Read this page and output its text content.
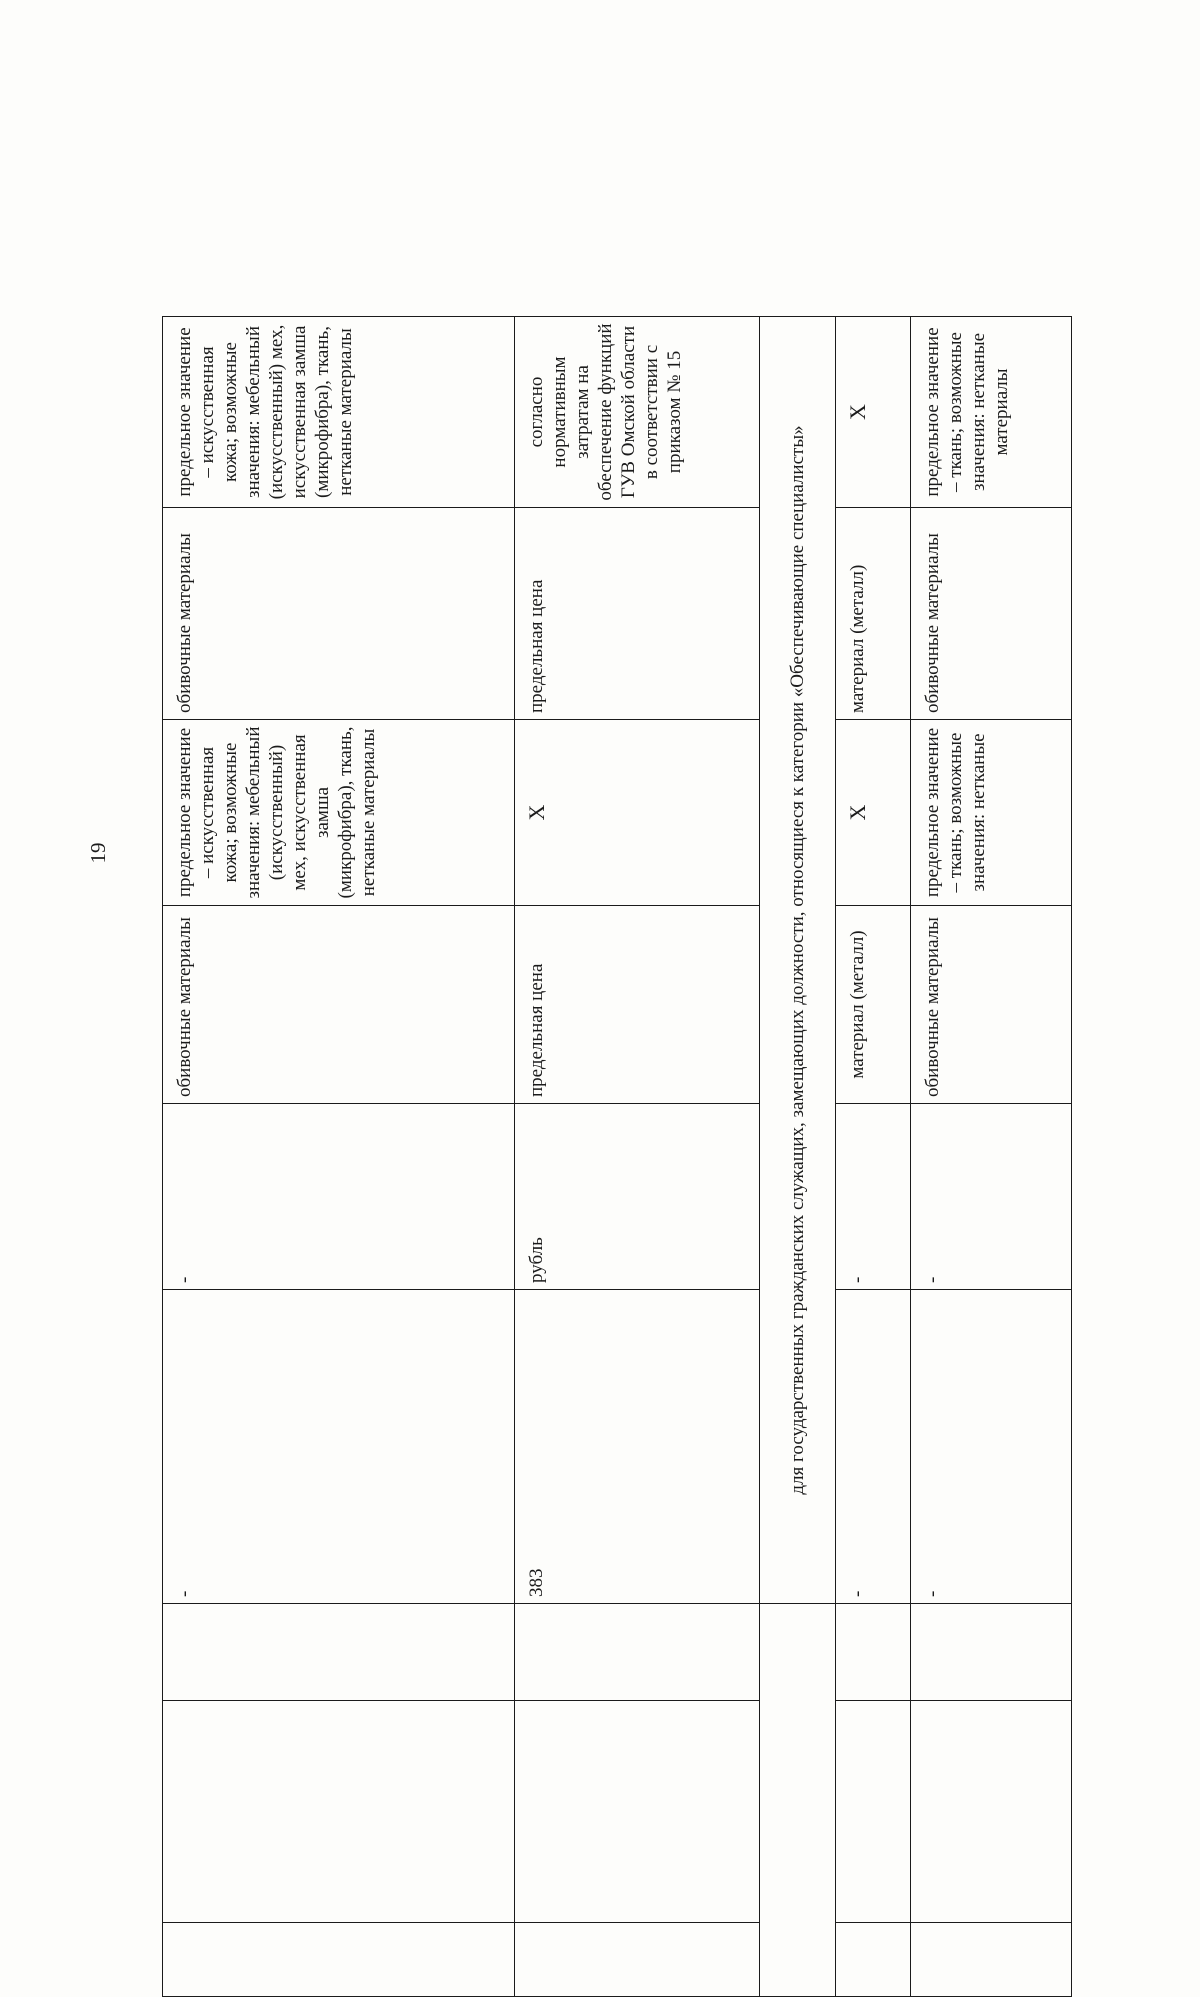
19
			-	-	обивочные материалы	предельное значение – искусственная кожа; возможные значения: мебельный (искусственный) мех, искусственная замша (микрофибра), ткань, нетканые материалы	обивочные материалы	предельное значение – искусственная кожа; возможные значения: мебельный (искусственный) мех, искусственная замша (микрофибра), ткань, нетканые материалы
			383	рубль	предельная цена	X	предельная цена	согласно нормативным затратам на обеспечение функций ГУВ Омской области в соответствии с приказом № 15
			для государственных гражданских служащих, замещающих должности, относящиеся к категории «Обеспечивающие специалисты»					
			-	-	материал (металл)	X	материал (металл)	X
			-	-	обивочные материалы	предельное значение – ткань; возможные значения: нетканые	обивочные материалы	предельное значение – ткань; возможные значения: нетканые материалы
